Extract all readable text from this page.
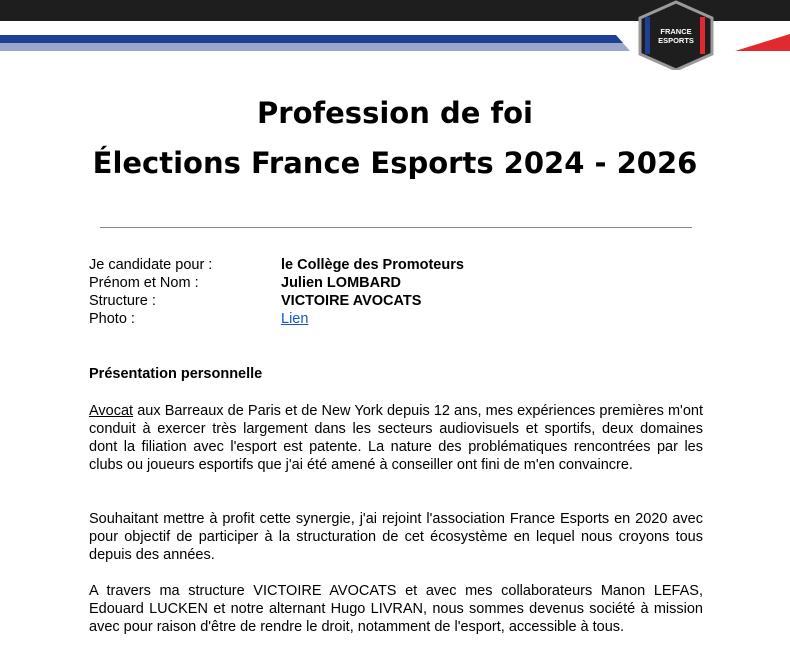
FRANCE
ESPORTS
Profession de foi
Élections France Esports 2024 - 2026
Je candidate pour :	le Collège des Promoteurs
Prénom et Nom :	Julien LOMBARD
Structure :	VICTOIRE AVOCATS
Photo :	Lien
Présentation personnelle

Avocat aux Barreaux de Paris et de New York depuis 12 ans, mes expériences premières m'ont conduit à exercer très largement dans les secteurs audiovisuels et sportifs, deux domaines dont la filiation avec l'esport est patente. La nature des problématiques rencontrées par les clubs ou joueurs esportifs que j'ai été amené à conseiller ont fini de m'en convaincre.

Souhaitant mettre à profit cette synergie, j'ai rejoint l'association France Esports en 2020 avec pour objectif de participer à la structuration de cet écosystème en lequel nous croyons tous depuis des années.

A travers ma structure VICTOIRE AVOCATS et avec mes collaborateurs Manon LEFAS, Edouard LUCKEN et notre alternant Hugo LIVRAN, nous sommes devenus société à mission avec pour raison d'être de rendre le droit, notamment de l'esport, accessible à tous.
